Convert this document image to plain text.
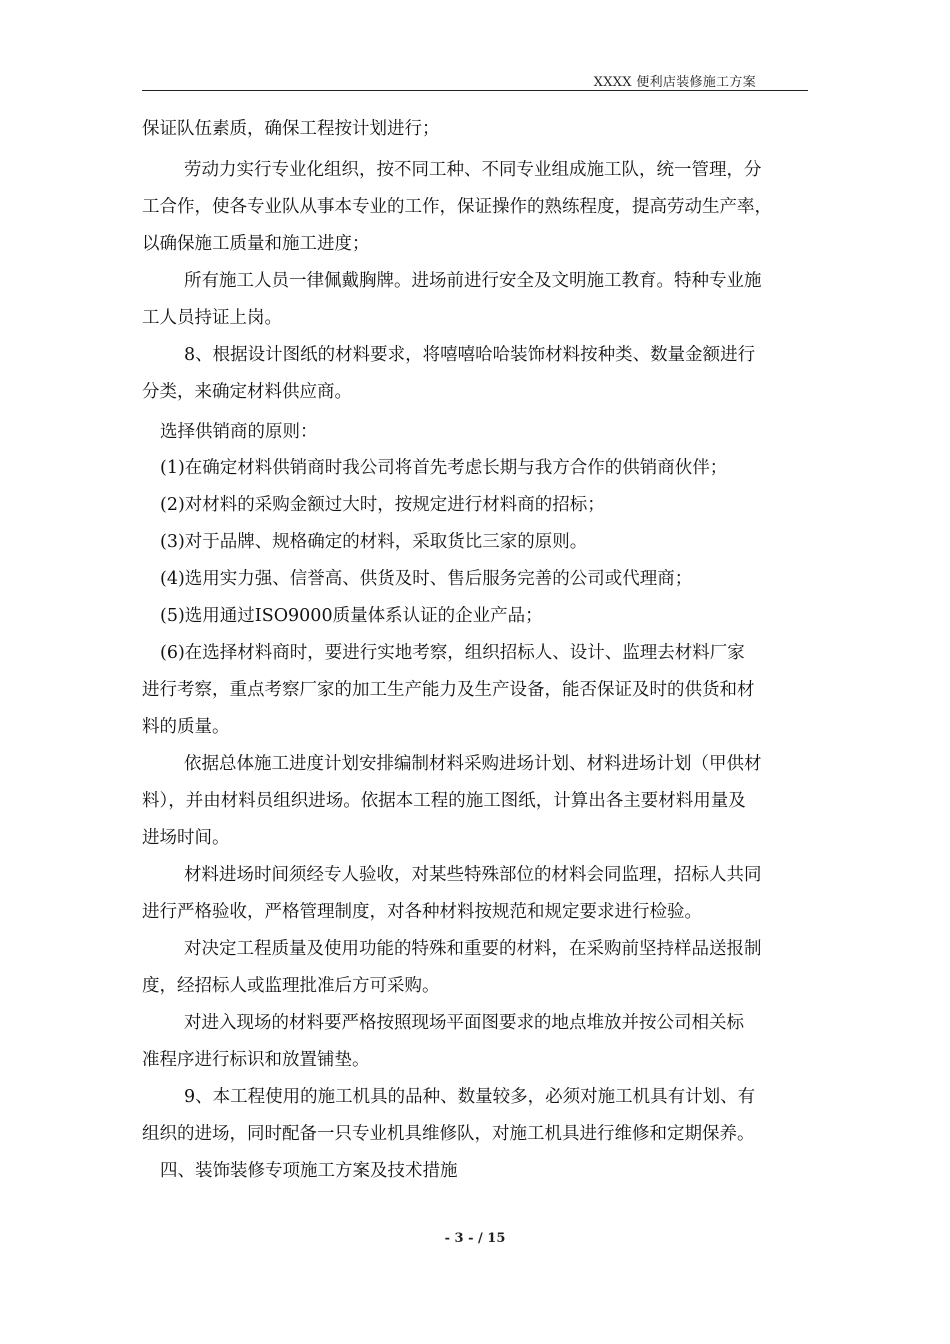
XXXX 便利店装修施工方案
保证队伍素质，确保工程按计划进行；
劳动力实行专业化组织，按不同工种、不同专业组成施工队，统一管理，分
工合作，使各专业队从事本专业的工作，保证操作的熟练程度，提高劳动生产率，
以确保施工质量和施工进度；
所有施工人员一律佩戴胸牌。进场前进行安全及文明施工教育。特种专业施
工人员持证上岗。
8、根据设计图纸的材料要求，将嘻嘻哈哈装饰材料按种类、数量金额进行
分类，来确定材料供应商。
选择供销商的原则：
(1)在确定材料供销商时我公司将首先考虑长期与我方合作的供销商伙伴；
(2)对材料的采购金额过大时，按规定进行材料商的招标；
(3)对于品牌、规格确定的材料，采取货比三家的原则。
(4)选用实力强、信誉高、供货及时、售后服务完善的公司或代理商；
(5)选用通过ISO9000质量体系认证的企业产品；
(6)在选择材料商时，要进行实地考察，组织招标人、设计、监理去材料厂家
进行考察，重点考察厂家的加工生产能力及生产设备，能否保证及时的供货和材
料的质量。
依据总体施工进度计划安排编制材料采购进场计划、材料进场计划（甲供材
料），并由材料员组织进场。依据本工程的施工图纸，计算出各主要材料用量及
进场时间。
材料进场时间须经专人验收，对某些特殊部位的材料会同监理，招标人共同
进行严格验收，严格管理制度，对各种材料按规范和规定要求进行检验。
对决定工程质量及使用功能的特殊和重要的材料，在采购前坚持样品送报制
度，经招标人或监理批准后方可采购。
对进入现场的材料要严格按照现场平面图要求的地点堆放并按公司相关标
准程序进行标识和放置铺垫。
9、本工程使用的施工机具的品种、数量较多，必须对施工机具有计划、有
组织的进场，同时配备一只专业机具维修队，对施工机具进行维修和定期保养。
四、装饰装修专项施工方案及技术措施
- 3 - / 15
